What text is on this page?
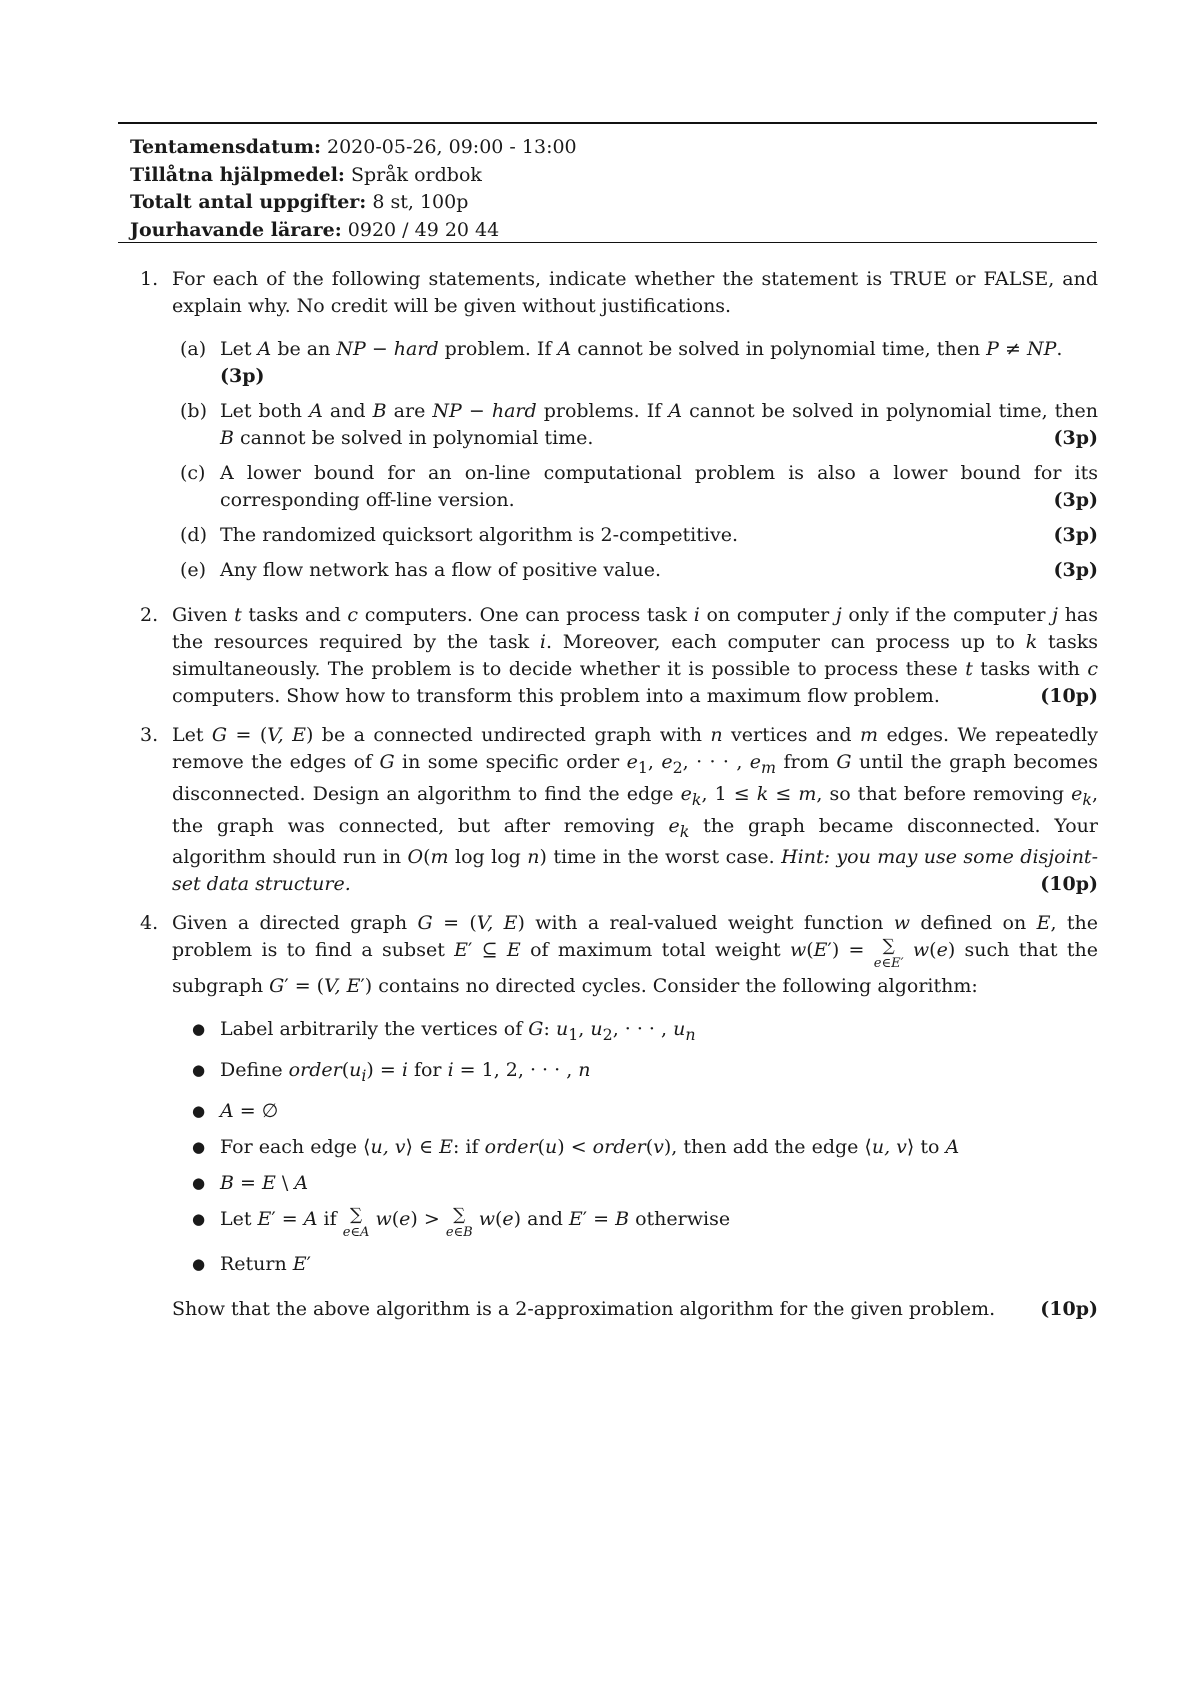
Tentamensdatum: 2020-05-26, 09:00 - 13:00
Tillåtna hjälpmedel: Språk ordbok
Totalt antal uppgifter: 8 st, 100p
Jourhavande lärare: 0920 / 49 20 44
1. For each of the following statements, indicate whether the statement is TRUE or FALSE, and explain why. No credit will be given without justifications.
(a) Let A be an NP − hard problem. If A cannot be solved in polynomial time, then P ≠ NP.
(3p)
(b) Let both A and B are NP − hard problems. If A cannot be solved in polynomial time, then B cannot be solved in polynomial time.	(3p)
(c) A lower bound for an on-line computational problem is also a lower bound for its corresponding off-line version.	(3p)
(d) The randomized quicksort algorithm is 2-competitive.	(3p)
(e) Any flow network has a flow of positive value.	(3p)
2. Given t tasks and c computers. One can process task i on computer j only if the computer j has the resources required by the task i. Moreover, each computer can process up to k tasks simultaneously. The problem is to decide whether it is possible to process these t tasks with c computers. Show how to transform this problem into a maximum flow problem.	(10p)
3. Let G = (V, E) be a connected undirected graph with n vertices and m edges. We repeatedly remove the edges of G in some specific order $e_1$, $e_2$, · · · , $e_m$ from G until the graph becomes disconnected. Design an algorithm to find the edge $e_k$, 1 ≤ k ≤ m, so that before removing $e_k$, the graph was connected, but after removing $e_k$ the graph became disconnected. Your algorithm should run in O(m log log n) time in the worst case. Hint: you may use some disjoint-set data structure.	(10p)
4. Given a directed graph G = (V, E) with a real-valued weight function w defined on E, the problem is to find a subset E′ ⊆ E of maximum total weight w(E′) = ∑
e∈E′
w(e) such that the subgraph G′ = (V, E′) contains no directed cycles. Consider the following algorithm:
● Label arbitrarily the vertices of G: $u_1$, $u_2$, · · · , $u_n$
● Define $order(u_i) = i$ for i = 1, 2, · · · , n
● A = ∅
● For each edge ⟨u, v⟩ ∈ E: if order(u) < order(v), then add the edge ⟨u, v⟩ to A
● B = E \ A
● Let E′ = A if ∑
e∈A
w(e) > ∑
e∈B
w(e) and E′ = B otherwise
● Return E′
Show that the above algorithm is a 2-approximation algorithm for the given problem. (10p)
